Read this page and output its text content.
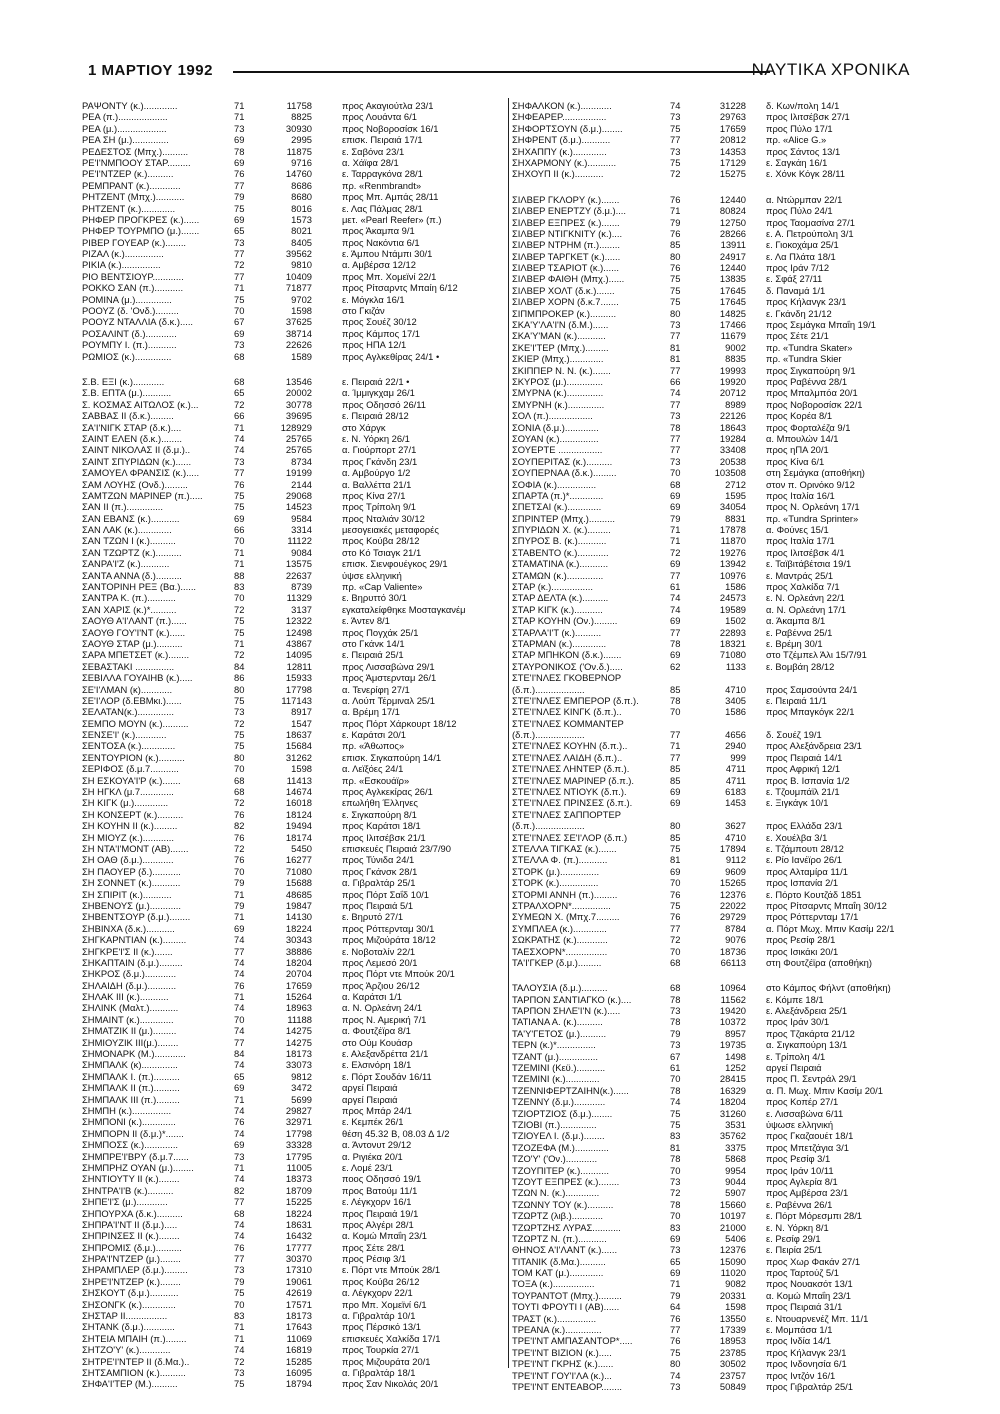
1 ΜΑΡΤΙΟΥ 1992	ΝΑΥΤΙΚΑ ΧΡΟΝΙΚΑ
ΡΑΨΟΝΤΥ (κ.).............	71	11758	προς Ακαγιούτλα 23/1
ΡΕΑ (π.)...................	71	8825	προς Λουάντα 6/1
ΡΕΑ (μ.)...................	73	30930	προς Νοβοροσίσκ 16/1
ΡΕΑ ΣΗ (μ.)..............	69	2995	επισκ. Πειραιά 17/1
ΡΕΔΕΣΤΟΣ (Μπχ.)..........	78	11875	ε. Σαβόνα 23/1
ΡΕ'Ι'ΝΜΠΟΟΥ ΣΤΑΡ.........	69	9716	α. Χάϊφα 28/1
ΡΕ'Ι'ΝΤΖΕΡ (κ.)..........	76	14760	ε. Ταρραγκόνα 28/1
ΡΕΜΠΡΑΝΤ (κ.)............	77	8686	πρ. «Renmbrandt»
ΡΗΤΖΕΝΤ (Μπχ.)...........	79	8680	προς Μπ. Αμπάς 28/11
ΡΗΤΖΕΝΤ (κ.).............	75	8016	ε. Λας Πάλμας 28/1
ΡΗΦΕΡ ΠΡΟΓΚΡΕΣ (κ.)......	69	1573	μετ. «Pearl Reefer» (π.)
ΡΗΦΕΡ ΤΟΥΡΜΠΟ (μ.).......	65	8021	προς Άκαμπα 9/1
ΡΙΒΕΡ ΓΟΥΕΑΡ (κ.)........	73	8405	προς Νακόντια 6/1
ΡΙΖΑΛ (κ.)...............	77	39562	ε. Άμπου Ντάμπι 30/1
ΡΙΚΙΑ (κ.)...............	72	9810	α. Αμβέρσα 12/12
ΡΙΟ ΒΕΝΤΣΙΟΥΡ............	77	10409	προς Μπ. Χομεϊνί 22/1
ΡΟΚΚΟ ΣΑΝ (π.)...........	71	71877	προς Ρίτσαρντς Μπαίη 6/12
ΡΟΜΙΝΑ (μ.)..............	75	9702	ε. Μόγκλα 16/1
ΡΟΟΥΖ (δ. 'Ονδ.).........	70	1598	στο Γκιζάν
ΡΟΟΥΖ ΝΤΑΛΛΙΑ (δ.κ.).....	67	37625	προς Σουέζ 30/12
ΡΟΣΑΛΙΝΤ (δ.)............	69	38714	προς Κάμπος 17/1
ΡΟΥΜΠΥ Ι. (π.)...........	73	22626	προς ΗΠΑ 12/1
ΡΩΜΙΟΣ (κ.)..............	68	1589	προς Αγλκεθίρας 24/1 •
Σ.Β. ΕΞΙ (κ.)............	68	13546	ε. Πειραιά 22/1 •
Σ.Β. ΕΠΤΑ (μ.)...........	65	20002	α. Ίμμιγκχαμ 26/1
Σ. ΚΟΣΜΑΣ ΑΙΤΩΛΟΣ (κ.)...	72	30778	προς Οδησσό 26/11
ΣΑΒΒΑΣ ΙΙ (δ.κ.).........	66	39695	ε. Πειραιά 28/12
ΣΑ'Ι'ΝΙΓΚ ΣΤΑΡ (δ.κ.)....	71	128929	στο Χάργκ
ΣΑΙΝΤ ΕΛΕΝ (δ.κ.)........	74	25765	ε. Ν. Υόρκη 26/1
ΣΑΙΝΤ ΝΙΚΟΛΑΣ ΙΙ (δ.μ.)..	74	25765	α. Γιούρπορτ 27/1
ΣΑΙΝΤ ΣΠΥΡΙΔΩΝ (κ.)......	73	8734	προς Γκάνδη 23/1
ΣΑΜΟΥΕΛ ΦΡΑΝΣΙΣ (κ.).....	77	19199	α. Αμβούργο 1/2
ΣΑΜ ΛΟΥΗΣ (Ονδ.).........	76	2144	α. Βαλλέττα 21/1
ΣΑΜΤΖΩΝ ΜΑΡΙΝΕΡ (π.).....	75	29068	προς Κίνα 27/1
ΣΑΝ ΙΙ (π.)..............	75	14523	προς Τρίπολη 9/1
ΣΑΝ ΕΒΑΝΣ (κ.)...........	69	9584	προς Νταλιάν 30/12
ΣΑΝ ΛΑΚ (κ.).............	66	3314	μεσογειακές μεταφορές
ΣΑΝ ΤΖΩΝ Ι (κ.)..........	70	11122	προς Κούβα 28/12
ΣΑΝ ΤΖΩΡΤΖ (κ.)..........	71	9084	στο Κό Τσιαγκ 21/1
ΣΑΝΡΑ'Ι'Ζ (κ.)...........	71	13575	επισκ. Σιενφουέγκος 29/1
ΣΑΝΤΑ ΑΝΝΑ (δ.)..........	88	22637	ύψσε ελληνική
ΣΑΝΤΟΡΙΝΗ ΡΕΞ (Βα.)......	83	8739	πρ. «Cap Valiente»
ΣΑΝΤΡΑ Κ. (π.)...........	70	11329	ε. Βηρυττό 30/1
ΣΑΝ ΧΑΡΙΣ (κ.)*..........	72	3137	εγκαταλείφθηκε Μοσταγκανέμ
ΣΑΟΥΘ Α'Ι'ΛΑΝΤ (π.)......	75	12322	ε. Άντεν 8/1
ΣΑΟΥΘ ΓΟΥ'Ι'ΝΤ (κ.)......	75	12498	προς Πογχάκ 25/1
ΣΑΟΥΘ ΣΤΑΡ (μ.)..........	71	43867	στο Γκάνκ 14/1
ΣΑΡΑ ΜΠΕΤΣΕΤ (κ.)........	72	14095	ε. Πειραιά 25/1
ΣΕΒΑΣΤΑΚΙ ...............	84	12811	προς Λισσαβώνα 29/1
ΣΕΒΙΛΛΑ ΓΟΥΑΙΗΒ (κ.).....	86	15933	προς Άμστερνταμ 26/1
ΣΕ'Ι'ΛΜΑΝ (κ)............	80	17798	α. Τενερίφη 27/1
ΣΕ'Ι'ΛΟΡ (δ.ΕΒΜκι.)......	75	117143	α. Λούπ Τέρμιναλ 25/1
ΣΕΛΑΤΑΝ(κ.)..............	73	8917	α. Βρέμη 17/1
ΣΕΜΠΟ ΜΟΥΝ (κ.)..........	72	1547	προς Πόρτ Χάρκουρτ 18/12
ΣΕΝΣΕ'Ι' (κ.)............	75	18637	ε. Καράτσι 20/1
ΣΕΝΤΟΣΑ (κ.).............	75	15684	πρ. «Άθωπος»
ΣΕΝΤΟΥΡΙΟΝ (κ.)..........	80	31262	επισκ. Σιγκαπούρη 14/1
ΣΕΡΙΦΟΣ (δ.μ.7...........	70	1598	α. Λεϊξόες 24/1
ΣΗ ΕΣΚΟΥΑ'Ι'Ρ (κ.).......	68	11413	πρ. «Εσκουάϊρ»
ΣΗ ΗΓΚΛ (μ.7.............	68	14674	προς Αγλκεκίρας 26/1
ΣΗ ΚΙΓΚ (μ.).............	72	16018	επωλήθη Έλληνες
ΣΗ ΚΟΝΣΕΡΤ (κ.)..........	76	18124	ε. Σιγκαπούρη 8/1
ΣΗ ΚΟΥΗΝ ΙΙ (κ.).........	82	19494	προς Καράτσι 18/1
ΣΗ ΜΙΟΥΖ (κ.)............	76	18174	προς Ιλιτσέβσκ 21/1
ΣΗ ΝΤΑ'Ι'ΜΟΝΤ (ΑΒ).......	72	5450	επισκευές Πειραιά 23/7/90
ΣΗ ΟΑΘ (δ.μ.)............	76	16277	προς Τύνιδα 24/1
ΣΗ ΠΑΟΥΕΡ (δ.)...........	70	71080	προς Γκάνσκ 28/1
ΣΗ ΣΟΝΝΕΤ (κ.)...........	79	15688	α. Γιβραλτάρ 25/1
ΣΗ ΣΠΙΡΙΤ (κ.)...........	71	48685	προς Πόρτ Σαΐδ 10/1
ΣΗΒΕΝΟΥΣ (μ.)............	79	19847	προς Πειραιά 5/1
ΣΗΒΕΝΤΣΟΥΡ (δ.μ.)........	71	14130	ε. Βηρυτό 27/1
ΣΗΒΙΝΧΑ (δ.κ.)...........	69	18224	προς Ρόττερνταμ 30/1
ΣΗΓΚΑΡΝΤΙΑΝ (κ.).........	74	30343	προς Μιζούράτα 18/12
ΣΗΓΚΡΕ'Ι'Σ ΙΙ (κ.).......	77	38886	ε. Νοβοταλίν 22/1
ΣΗΚΑΠΤΑΙΝ (δ.μ.).........	74	18204	προς Λεμεσό 20/1
ΣΗΚΡΟΣ (δ.μ.)............	74	20704	προς Πόρτ ντε Μπούκ 20/1
ΣΗΛΑΙΔΗ (δ.μ.)...........	76	17659	προς Άρζιου 26/12
ΣΗΛΑΚ ΙΙΙ (κ.)...........	71	15264	α. Καράτσι 1/1
ΣΗΛΙΝΚ (Μαλτ.)...........	74	18963	α. Ν. Ορλεάνη 24/1
ΣΗΜΑΙΝΤ (κ.).............	70	11188	προς Ν. Αμερική 7/1
ΣΗΜΑΤΖΙΚ ΙΙ (μ.).........	74	14275	α. Φουτζέϊρα 8/1
ΣΗΜΙΟΥΖΙΚ ΙΙΙ(μ.)........	77	14275	στο Ούμ Κουάσρ
ΣΗΜΟΝΑΡΚ (Μ.)............	84	18173	ε. Αλεξανδρέττα 21/1
ΣΗΜΠΑΛΚ (κ)..............	74	33073	ε. Ελσινόρη 18/1
ΣΗΜΠΑΛΚ Ι. (π.)..........	65	9812	ε. Πόρτ Σουδάν 16/11
ΣΗΜΠΑΛΚ ΙΙ (π.)..........	69	3472	αργεί Πειραιά
ΣΗΜΠΑΛΚ ΙΙΙ (π.).........	71	5699	αργεί Πειραιά
ΣΗΜΠΗ (κ.)...............	74	29827	προς Μπάρ 24/1
ΣΗΜΠΟΝΙ (κ.).............	76	32971	ε. Κεμπέκ 26/1
ΣΗΜΠΟΡΝ ΙΙ (δ.μ.)*.......	74	17798	θέση 45.32 Β, 08.03 Δ 1/2
ΣΗΜΠΟΣΣ (κ.).............	69	33328	α. Άντονυτ 29/12
ΣΗΜΠΡΕ'Ι'ΒΡΥ (δ.μ.7......	73	17795	α. Ριγιέκα 20/1
ΣΗΜΠΡΗΖ ΟΥΑΝ (μ.)........	71	11005	ε. Λομέ 23/1
ΣΗΝΤΙΟΥΤΥ ΙΙ (κ.)........	74	18373	ποος Οδησσό 19/1
ΣΗΝΤΡΑ'Ι'Β (κ.)..........	82	18709	προς Βατούμ 11/1
ΣΗΠΕ'Ι'Σ (μ.)............	77	15225	ε. Λέγκχορν 16/1
ΣΗΠΟΥΡΧΑ (δ.κ.)..........	68	18224	προς Πειραιά 19/1
ΣΗΠΡΑ'Ι'ΝΤ ΙΙ (δ.μ.).....	74	18631	προς Αλγέρι 28/1
ΣΗΠΡΙΝΣΕΣ ΙΙ (κ.)........	74	16432	α. Κομώ Μπαΐη 23/1
ΣΗΠΡΟΜΙΣ (δ.μ.)..........	76	17777	προς Σέτε 28/1
ΣΗΡΑ'Ι'ΝΤΖΕΡ (μ.)........	77	30370	προς Ρέσιφ 3/1
ΣΗΡΑΜΠΛΕΡ (δ.μ.).........	73	17310	ε. Πόρτ ντε Μπούκ 28/1
ΣΗΡΕ'Ι'ΝΤΖΕΡ (κ.)........	79	19061	προς Κούβα 26/12
ΣΗΣΚΟΥΤ (δ.μ.)...........	75	42619	α. Λέγκχορν 22/1
ΣΗΣΟΝΓΚ (κ.).............	70	17571	προ Μπ. Χομεϊνί 6/1
ΣΗΣΤΑΡ ΙΙ................	83	18173	α. Γιβραλτάρ 10/1
ΣΗΤΑΝΚ (δ.μ.)............	71	17643	προς Πέρσικό 13/1
ΣΗΤΕΙΑ ΜΠΑΙΗ (π.)........	71	11069	επισκευές Χαλκίδα 17/1
ΣΗΤΖΟ'Υ' (κ.)............	74	16819	προς Τουρκία 27/1
ΣΗΤΡΕ'Ι'ΝΤΕΡ ΙΙ (δ.Μα.)..	72	15285	προς Μιζουράτα 20/1
ΣΗΤΣΑΜΠΙΟΝ (κ.)..........	73	16095	α. Γιβραλτάρ 18/1
ΣΗΦΑ'Ι'ΤΕΡ (Μ.)..........	75	18794	προς Σαν Νικολάς 20/1
ΣΗΦΑΛΚΟΝ (κ.)............	74	31228	δ. Κων/πολη 14/1
ΣΗΦΕΑΡΕΡ.................	73	29763	προς Ιλιτσέβσκ 27/1
ΣΗΦΟΡΤΣΟΥΝ (δ.μ.)........	75	17659	προς Πύλο 17/1
ΣΗΦΡΕΝΤ (δ.μ.)...........	77	20812	πρ. «Alice G.»
ΣΗΧΑΠΠΥ (κ.).............	73	14353	προς Σάντος 13/1
ΣΗΧΑΡΜΟΝΥ (κ.)...........	75	17129	ε. Σαγκάη 16/1
ΣΗΧΟΥΠ ΙΙ (κ.)...........	72	15275	ε. Χόνκ Κόγκ 28/11
ΣΙΛΒΕΡ ΓΚΛΟΡΥ (κ.).......	76	12440	α. Ντώρμπαν 22/1
ΣΙΛΒΕΡ ΕΝΕΡΤΖΥ (δ.μ.)....	71	80824	προς Πύλο 24/1
ΣΙΛΒΕΡ ΕΞΠΡΕΣ (κ.).......	79	12750	προς Ταομασίνα 27/1
ΣΙΛΒΕΡ ΝΤΙΓΚΝΙΤΥ (κ.)....	76	28266	ε. Α. Πετρούπολη 3/1
ΣΙΛΒΕΡ ΝΤΡΗΜ (π.)........	85	13911	ε. Γιοκοχάμα 25/1
ΣΙΛΒΕΡ ΤΑΡΓΚΕΤ (κ.)......	80	24917	ε. Λα Πλάτα 18/1
ΣΙΛΒΕΡ ΤΣΑΡΙΟΤ (κ.)......	76	12440	προς Ιράν 7/12
ΣΙΛΒΕΡ ΦΑΙΘΗ (Μπχ.)......	75	13835	ε. Σφάξ 27/11
ΣΙΛΒΕΡ ΧΟΛΤ (δ.κ.).......	75	17645	δ. Παναμά 1/1
ΣΙΛΒΕΡ ΧΟΡΝ (δ.κ.7.......	75	17645	προς Κήλανγκ 23/1
ΣΙΠΜΠΡΟΚΕΡ (κ.)..........	80	14825	ε. Γκάνδη 21/12
ΣΚΑ'Υ'ΛΑ'Ι'Ν (δ.Μ.)......	73	17466	προς Σεμάγκα Μπαΐη 19/1
ΣΚΑ'Υ'ΜΑΝ (κ.)...........	77	11679	προς Σέτε 21/1
ΣΚΕ'Ι'ΤΕΡ (Μπχ.).........	81	9002	πρ. «Tundra Skater»
ΣΚΙΕΡ (Μπχ.).............	81	8835	πρ. «Tundra Skier
ΣΚΙΠΠΕΡ Ν. Ν. (κ.).......	77	19993	προς Σιγκαπούρη 9/1
ΣΚΥΡΟΣ (μ.)..............	66	19920	προς Ραβέννα 28/1
ΣΜΥΡΝΑ (κ.)..............	74	20712	προς Μπαλμπόα 20/1
ΣΜΥΡΝΗ (κ.)..............	77	8989	προς Νοβοροσίσκ 22/1
ΣΟΛ (π.).................	73	22126	προς Κορέα 8/1
ΣΟΝΙΑ (δ.μ.).............	78	18643	προς Φορταλέζα 9/1
ΣΟΥΑΝ (κ.)...............	77	19284	α. Μπουλών 14/1
ΣΟΥΕΡΤΕ .................	77	33408	προς ηΠΑ 20/1
ΣΟΥΠΕΡΙΤΑΣ (κ.)..........	73	20538	προς Κίνα 6/1
ΣΟΥΠΕΡΝΑΑ (δ.κ.).........	70	103508	στη Σεμάγκα (αποθήκη)
ΣΟΦΙΑ (κ.)...............	68	2712	στον π. Ορινόκο 9/12
ΣΠΑΡΤΑ (π.)*.............	69	1595	προς Ιταλία 16/1
ΣΠΕΤΣΑΙ (κ.).............	69	34054	προς Ν. Ορλεάνη 17/1
ΣΠΡΙΝΤΕΡ (Μπχ.)..........	79	8831	πρ. «Tundra Sprinter»
ΣΠΥΡΙΔΩΝ Χ. (κ.).........	71	17878	α. Φούνες 15/1
ΣΠΥΡΟΣ Β. (κ.)...........	71	11870	προς Ιταλία 17/1
ΣΤΑΒΕΝΤΟ (κ.)............	72	19276	προς Ιλιτσέβσκ 4/1
ΣΤΑΜΑΤΙΝΑ (κ.)...........	69	13942	ε. Ταϊβιτάβέτσια 19/1
ΣΤΑΜΩΝ (κ.)..............	77	10976	ε. Μαντράς 25/1
ΣΤΑΡ (κ.)................	61	1586	προς Χαλκίδα 7/1
ΣΤΑΡ ΔΕΛΤΑ (κ.)..........	74	24573	ε. Ν. Ορλεάνη 22/1
ΣΤΑΡ ΚΙΓΚ (κ.)...........	74	19589	α. Ν. Ορλεάνη 17/1
ΣΤΑΡ ΚΟΥΗΝ (Ον.).........	69	1502	α. Άκαμπα 8/1
ΣΤΑΡΛΑ'Ι'Τ (κ.)..........	77	22893	ε. Ραβέννα 25/1
ΣΤΑΡΜΑΝ (κ.).............	78	18321	ε. Βρέμη 30/1
ΣΤΑΡ ΜΠΗΚΟΝ (δ.κ.).......	69	71080	στο Τζέμπελ Άλι 15/7/91
ΣΤΑΥΡΟΝΙΚΟΣ ('Ον.δ.).....	62	1133	ε. Βομβάη 28/12
ΣΤΕ'Ι'ΝΛΕΣ ΓΚΟΒΕΡΝΟΡ
(δ.π.)...................	85	4710	προς Σαμσούντα 24/1
ΣΤΕ'Ι'ΝΛΕΣ ΕΜΠΕΡΟΡ (δ.π.).	78	3405	ε. Πειραιά 11/1
ΣΤΕ'Ι'ΝΛΕΣ ΚΙΝΓΚ (δ.π.)..	70	1586	προς Μπαγκόγκ 22/1
ΣΤΕ'Ι'ΝΛΕΣ ΚΟΜΜΑΝΤΕΡ
(δ.π.)...................	77	4656	δ. Σουέζ 19/1
ΣΤΕ'Ι'ΝΛΕΣ ΚΟΥΗΝ (δ.π.)..	71	2940	προς Αλεξάνδρεια 23/1
ΣΤΕ'Ι'ΝΛΕΣ ΛΑΙΔΗ (δ.π.)..	77	999	προς Πειραιά 14/1
ΣΤΕ'Ι'ΝΛΕΣ ΛΗΝΤΕΡ (δ.π.).	85	4711	προς Αφρική 12/1
ΣΤΕ'Ι'ΝΛΕΣ ΜΑΡΙΝΕΡ (δ.π.).	85	4711	προς Β. Ισπανία 1/2
ΣΤΕ'Ι'ΝΛΕΣ ΝΤΙΟΥΚ (δ.π.).	69	6183	ε. Τζουμπάϊλ 21/1
ΣΤΕ'Ι'ΝΛΕΣ ΠΡΙΝΣΕΣ (δ.π.).	69	1453	ε. Ξιγκάγκ 10/1
ΣΤΕ'Ι'ΝΛΕΣ ΣΑΠΠΟΡΤΕΡ
(δ.π.)...................	80	3627	προς Ελλάδα 23/1
ΣΤΕ'Ι'ΝΛΕΣ ΣΕ'Ι'ΛΟΡ (δ.π.)	85	4710	ε. Χουέλβα 3/1
ΣΤΕΛΛΑ ΤΙΓΚΑΣ (κ.).......	75	17894	ε. Τζάμπουτι 28/12
ΣΤΕΛΛΑ Φ. (π.)...........	81	9112	ε. Ρίο Ιανέϊρο 26/1
ΣΤΟΡΚ (μ.)...............	69	9609	προς Αλταμίρα 11/1
ΣΤΟΡΚ (κ.)...............	70	15265	προς Ισπανία 2/1
ΣΤΟΡΜΙ ΑΝΝΗ (π.).........	76	12376	ε. Πόρτο Κουτζάδ 1851
ΣΤΡΑΛΧΟΡΝ*...............	75	22022	προς Ρίτσαρντς Μπαΐη 30/12
ΣΥΜΕΩΝ Χ. (Μπχ.7.........	76	29729	προς Ρόττερνταμ 17/1
ΣΥΜΠΛΕΑ (κ.).............	77	8784	α. Πόρτ Μωχ. Μπιν Κασίμ 22/1
ΣΩΚΡΑΤΗΣ (κ.)............	72	9076	προς Ρεσίφ 28/1
ΤΑΕΣΧΟΡΝ*................	70	18736	προς Ισικάκι 20/1
ΤΑ'Ι'ΓΚΕΡ (δ.μ.).........	68	66113	στη Φουτζέϊρα (αποθήκη)
ΤΑΛΟΥΣΙΑ (δ.μ.)..........	68	10964	στο Κάμπος Φήλντ (αποθήκη)
ΤΑΡΠΟΝ ΣΑΝΤΙΑΓΚΟ (κ.)....	78	11562	ε. Κόμπε 18/1
ΤΑΡΠΟΝ ΣΗΛΕ'Ι'Ν (κ.).....	73	19420	ε. Αλεξάνδρεια 25/1
ΤΑΤΙΑΝΑ Α. (κ.)..........	78	10372	προς Ιράν 30/1
ΤΑ'Υ'ΓΕΤΟΣ (μ.)..........	79	8957	προς Τζακάρτα 21/12
ΤΕΡΝ (κ.)*...............	73	19735	α. Σιγκαπούρη 13/1
ΤΖΑΝΤ (μ.)...............	67	1498	ε. Τρίπολη 4/1
ΤΖΕΜΙΝΙ (Κεϋ.)...........	61	1252	αργεί Πειραιά
ΤΖΕΜΙΝΙ (κ.).............	70	28415	προς Π. Σεντράλ 29/1
ΤΖΕΝΝΙΦΕΡΤΖΑΙΗΝ(κ.)......	78	16329	α. Π. Μωχ. Μπιν Κασίμ 20/1
ΤΖΕΝΝΥ (δ.μ.)............	74	18204	προς Κοπέρ 27/1
ΤΖΙΟΡΤΖΙΟΣ (δ.μ.)........	75	31260	ε. Λισσαβώνα 6/11
ΤΖΙΟΒΙ (π.)..............	75	3531	ύψωσε ελληνική
ΤΖΙΟΥΕΛ Ι. (δ.μ.)........	83	35762	προς Γκαζαουέτ 18/1
ΤΖΟΖΕΦΑ (Μ.).............	81	3375	προς Μπετζάγια 3/1
ΤΖΟ'Υ' ('Ον.)............	78	5868	προς Ρεσίφ 3/1
ΤΖΟΥΠΙΤΕΡ (κ.)...........	70	9954	προς Ιράν 10/11
ΤΖΟΥΤ ΕΞΠΡΕΣ (κ.)........	73	9044	προς Αγλερία 8/1
ΤΖΩΝ Ν. (κ.).............	72	5907	προς Αμβέρσα 23/1
ΤΖΩΝΝΥ ΤΟΥ (κ.)..........	78	15660	ε. Ραβέννα 26/1
ΤΖΩΡΤΖ (λιβ.)............	70	10197	ε. Πόρτ Μόρεσμπι 28/1
ΤΖΩΡΤΖΗΣ ΛΥΡΑΣ...........	83	21000	ε. Ν. Υόρκη 8/1
ΤΖΩΡΤΖ Ν. (π.)...........	69	5406	ε. Ρεσίφ 29/1
ΘΗΝΟΣ Α'Ι'ΛΑΝΤ (κ.)......	73	12376	ε. Πειρία 25/1
ΤΙΤΑΝΙΚ (δ.Μα.)..........	65	15090	προς Χωρ Φακάν 27/1
ΤΟΜ ΚΑΤ (μ.).............	69	11020	προς Ταρτούζ 5/1
ΤΟΞΑ (κ.)................	71	9082	προς Νουακσότ 13/1
ΤΟΥΡΑΝΤΟΤ (Μπχ.).........	79	20331	α. Κομώ Μπαΐη 23/1
ΤΟΥΤΙ ΦΡΟΥΤΙ Ι (ΑΒ)......	64	1598	προς Πειραιά 31/1
ΤΡΑΣΤ (κ.)...............	76	13550	ε. Ντουαρνενέζ Μπ. 11/1
ΤΡΕΑΝΑ (κ.)..............	77	17339	ε. Μομπάσα 1/1
ΤΡΕ'Ι'ΝΤ ΑΜΠΑΣΑΝΤΟΡ*.....	76	18953	προς Ινδία 14/1
ΤΡΕ'Ι'ΝΤ ΒΙΖΙΟΝ (κ.).....	75	23785	προς Κήλανγκ 23/1
ΤΡΕ'Ι'ΝΤ ΓΚΡΗΣ (κ.)......	80	30502	προς Ινδονησία 6/1
ΤΡΕ'Ι'ΝΤ ΓΟΥ'Ι'ΛΑ (κ.)...	74	23757	προς Ιντζόν 16/1
ΤΡΕ'Ι'ΝΤ ΕΝΤΕΑΒΟΡ........	73	50849	προς Γιβραλτάρ 25/1
